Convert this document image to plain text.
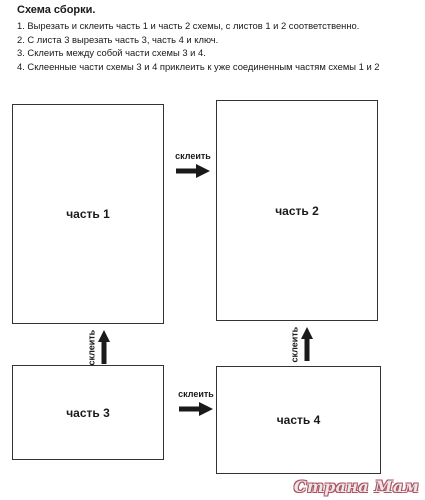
Схема сборки.
1. Вырезать и склеить часть 1 и часть 2 схемы, с листов 1 и 2 соответственно.
2. С листа 3 вырезать часть 3, часть 4 и ключ.
3. Склеить между собой части схемы 3 и 4.
4. Склеенные части схемы 3 и 4 приклеить к уже соединенным частям схемы 1 и 2
часть 1	часть 2
часть 3
часть 4
склеить
склеить
склеить	склеить
Страна Мам
